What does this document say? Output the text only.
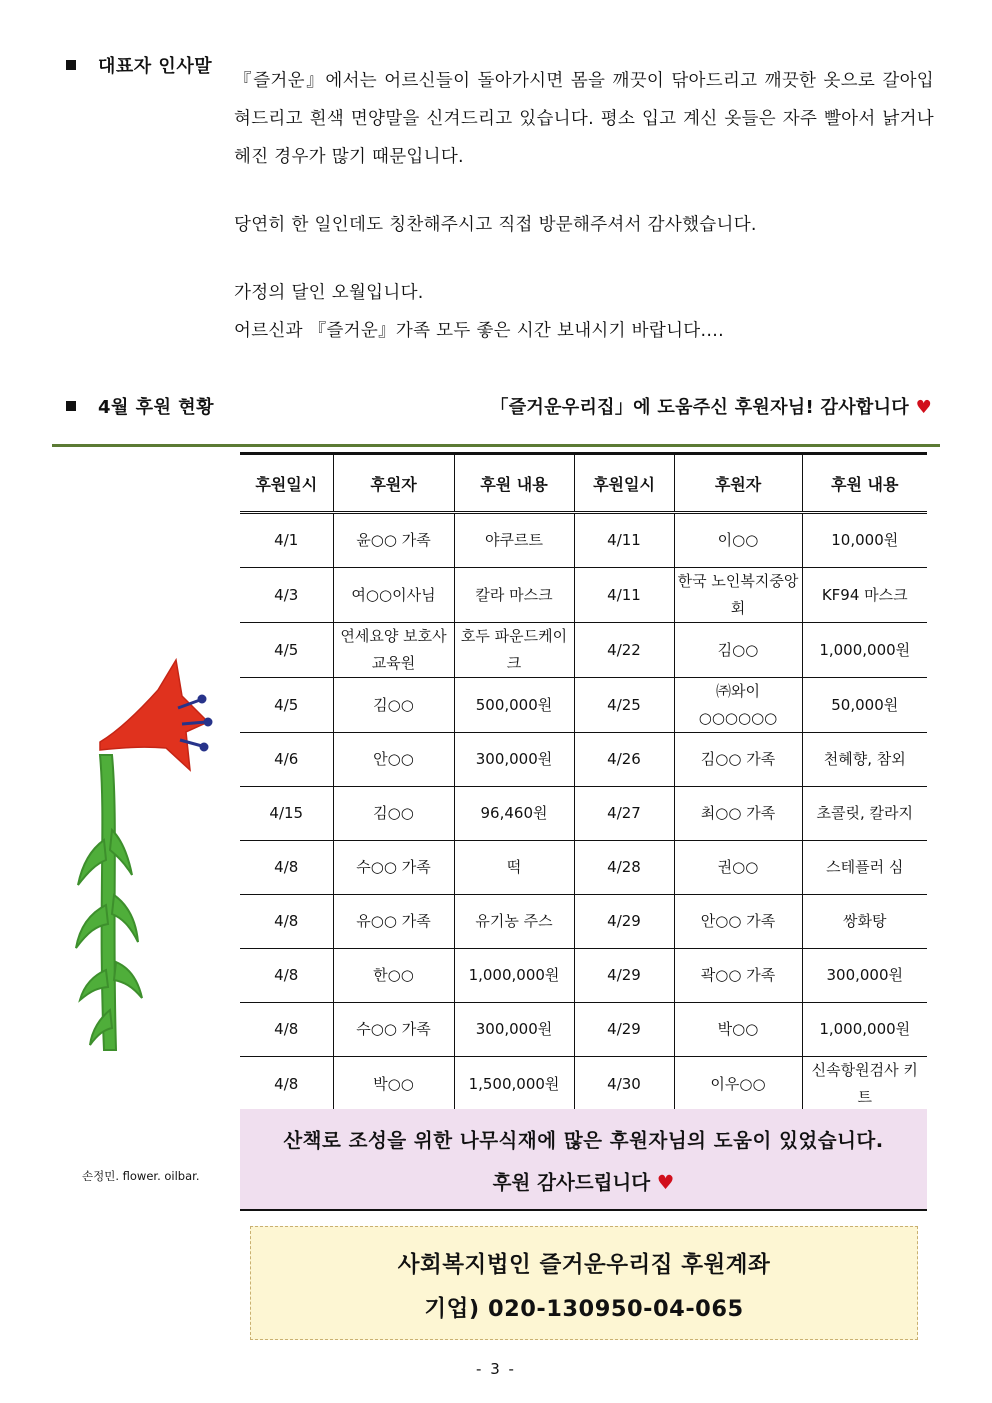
대표자 인사말

『즐거운』에서는 어르신들이 돌아가시면 몸을 깨끗이 닦아드리고 깨끗한 옷으로 갈아입혀드리고 흰색 면양말을 신겨드리고 있습니다. 평소 입고 계신 옷들은 자주 빨아서 낡거나 헤진 경우가 많기 때문입니다.

당연히 한 일인데도 칭찬해주시고 직접 방문해주셔서 감사했습니다.

가정의 달인 오월입니다.

어르신과 『즐거운』가족 모두 좋은 시간 보내시기 바랍니다....

4월 후원 현황	「즐거운우리집」에 도움주신 후원자님! 감사합니다 ♥
손정민. flower. oilbar.
후원일시	후원자	후원 내용	후원일시	후원자	후원 내용
4/1	윤○○ 가족	야쿠르트	4/11	이○○	10,000원
4/3	여○○이사님	칼라 마스크	4/11	한국 노인복지중앙회	KF94 마스크
4/5	연세요양 보호사교육원	호두 파운드케이크	4/22	김○○	1,000,000원
4/5	김○○	500,000원	4/25	㈜와이 ○○○○○○	50,000원
4/6	안○○	300,000원	4/26	김○○ 가족	천혜향, 참외
4/15	김○○	96,460원	4/27	최○○ 가족	초콜릿, 칼라지
4/8	수○○ 가족	떡	4/28	권○○	스테플러 심
4/8	유○○ 가족	유기농 주스	4/29	안○○ 가족	쌍화탕
4/8	한○○	1,000,000원	4/29	곽○○ 가족	300,000원
4/8	수○○ 가족	300,000원	4/29	박○○	1,000,000원
4/8	박○○	1,500,000원	4/30	이우○○	신속항원검사 키트
산책로 조성을 위한 나무식재에 많은 후원자님의 도움이 있었습니다.
후원 감사드립니다 ♥
사회복지법인 즐거운우리집 후원계좌
기업) 020-130950-04-065
- 3 -
